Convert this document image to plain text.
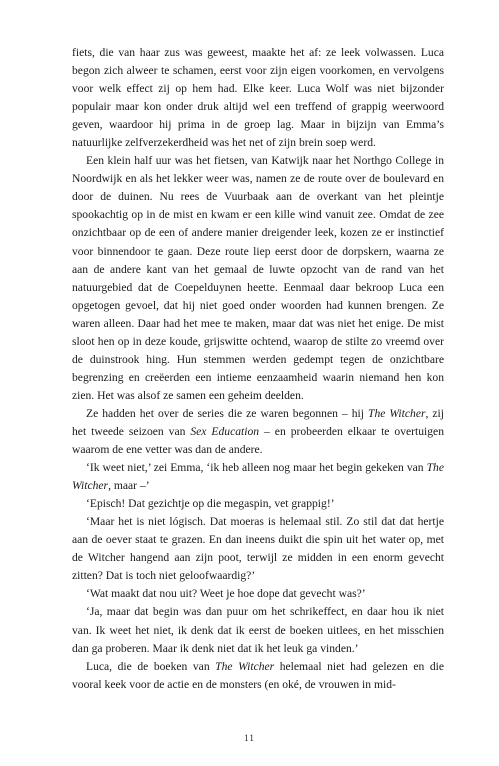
fiets, die van haar zus was geweest, maakte het af: ze leek volwassen. Luca begon zich alweer te schamen, eerst voor zijn eigen voorkomen, en vervolgens voor welk effect zij op hem had. Elke keer. Luca Wolf was niet bijzonder populair maar kon onder druk altijd wel een treffend of grappig weerwoord geven, waardoor hij prima in de groep lag. Maar in bijzijn van Emma’s natuurlijke zelfverzekerdheid was het net of zijn brein soep werd.

Een klein half uur was het fietsen, van Katwijk naar het Northgo College in Noordwijk en als het lekker weer was, namen ze de route over de boulevard en door de duinen. Nu rees de Vuurbaak aan de overkant van het pleintje spookachtig op in de mist en kwam er een kille wind vanuit zee. Omdat de zee onzichtbaar op de een of andere manier dreigender leek, kozen ze er instinctief voor binnendoor te gaan. Deze route liep eerst door de dorpskern, waarna ze aan de andere kant van het gemaal de luwte opzocht van de rand van het natuurgebied dat de Coepelduynen heette. Eenmaal daar bekroop Luca een opgetogen gevoel, dat hij niet goed onder woorden had kunnen brengen. Ze waren alleen. Daar had het mee te maken, maar dat was niet het enige. De mist sloot hen op in deze koude, grijswitte ochtend, waarop de stilte zo vreemd over de duinstrook hing. Hun stemmen werden gedempt tegen de onzichtbare begrenzing en creëerden een intieme eenzaamheid waarin niemand hen kon zien. Het was alsof ze samen een geheim deelden.

Ze hadden het over de series die ze waren begonnen – hij The Witcher, zij het tweede seizoen van Sex Education – en probeerden elkaar te overtuigen waarom de ene vetter was dan de andere.

‘Ik weet niet,’ zei Emma, ‘ik heb alleen nog maar het begin gekeken van The Witcher, maar –’

‘Episch! Dat gezichtje op die megaspin, vet grappig!’

‘Maar het is niet lógisch. Dat moeras is helemaal stil. Zo stil dat dat hertje aan de oever staat te grazen. En dan ineens duikt die spin uit het water op, met de Witcher hangend aan zijn poot, terwijl ze midden in een enorm gevecht zitten? Dat is toch niet geloofwaardig?’

‘Wat maakt dat nou uit? Weet je hoe dope dat gevecht was?’

‘Ja, maar dat begin was dan puur om het schrikeffect, en daar hou ik niet van. Ik weet het niet, ik denk dat ik eerst de boeken uitlees, en het misschien dan ga proberen. Maar ik denk niet dat ik het leuk ga vinden.’

Luca, die de boeken van The Witcher helemaal niet had gelezen en die vooral keek voor de actie en de monsters (en oké, de vrouwen in mid-

11
